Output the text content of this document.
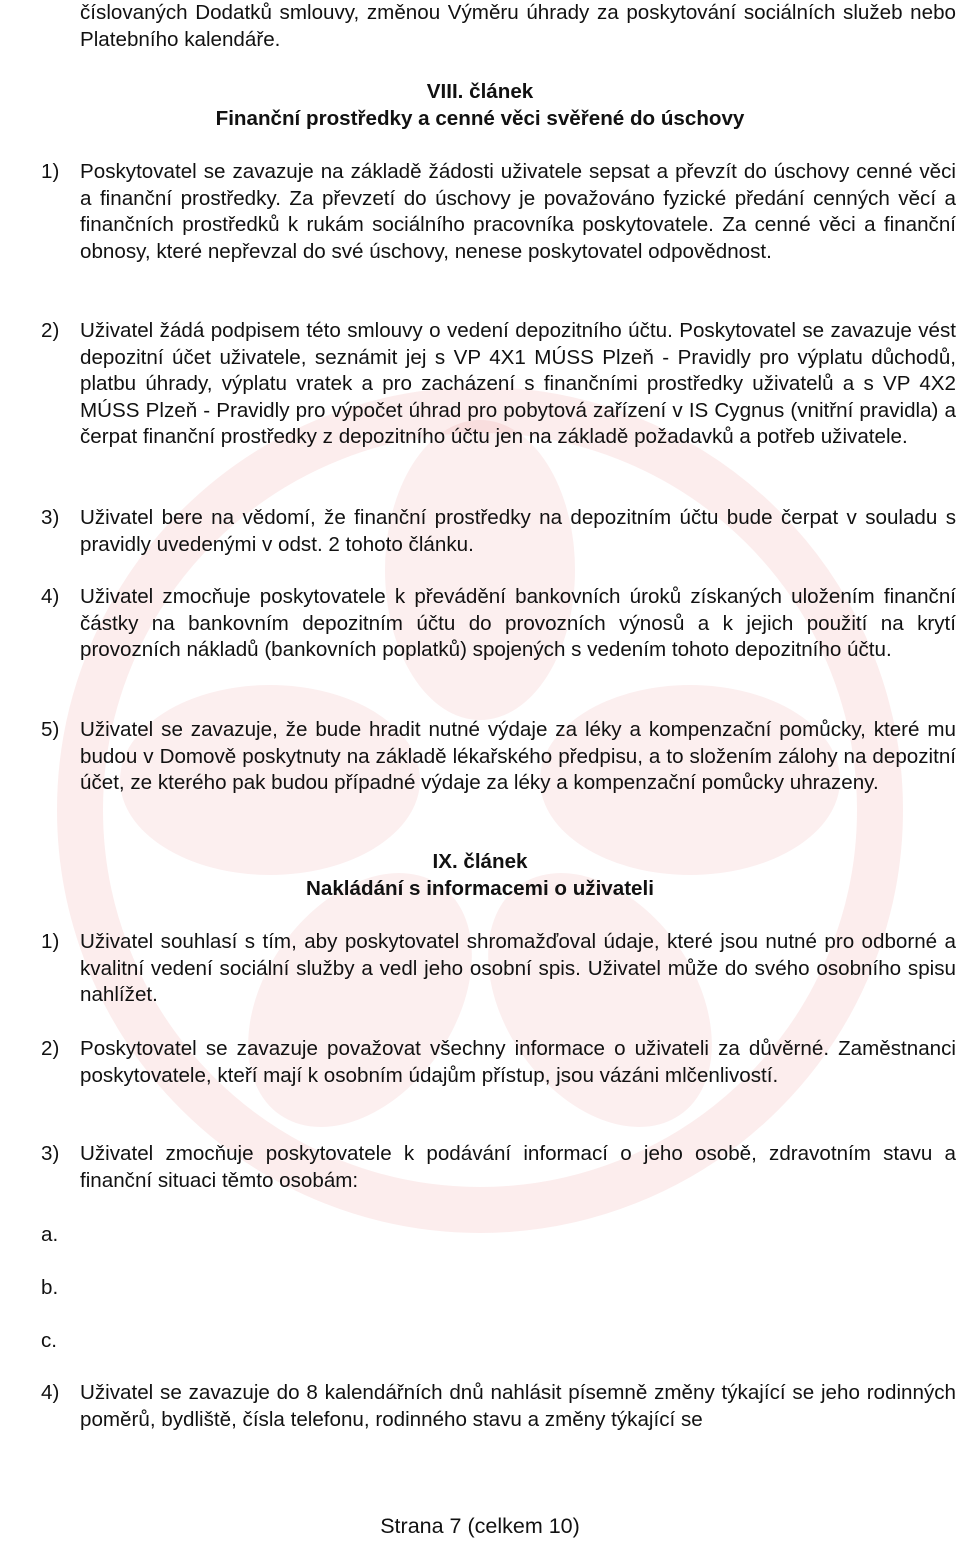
číslovaných Dodatků smlouvy, změnou Výměru úhrady za poskytování sociálních služeb nebo Platebního kalendáře.

VIII. článek

Finanční prostředky a cenné věci svěřené do úschovy

1) Poskytovatel se zavazuje na základě žádosti uživatele sepsat a převzít do úschovy cenné věci a finanční prostředky. Za převzetí do úschovy je považováno fyzické předání cenných věcí a finančních prostředků k rukám sociálního pracovníka poskytovatele. Za cenné věci a finanční obnosy, které nepřevzal do své úschovy, nenese poskytovatel odpovědnost.

2) Uživatel žádá podpisem této smlouvy o vedení depozitního účtu. Poskytovatel se zavazuje vést depozitní účet uživatele, seznámit jej s VP 4X1 MÚSS Plzeň - Pravidly pro výplatu důchodů, platbu úhrady, výplatu vratek a pro zacházení s finančními prostředky uživatelů a s VP 4X2 MÚSS Plzeň - Pravidly pro výpočet úhrad pro pobytová zařízení v IS Cygnus (vnitřní pravidla) a čerpat finanční prostředky z depozitního účtu jen na základě požadavků a potřeb uživatele.

3) Uživatel bere na vědomí, že finanční prostředky na depozitním účtu bude čerpat v souladu s pravidly uvedenými v odst. 2 tohoto článku.

4) Uživatel zmocňuje poskytovatele k převádění bankovních úroků získaných uložením finanční částky na bankovním depozitním účtu do provozních výnosů a k jejich použití na krytí provozních nákladů (bankovních poplatků) spojených s vedením tohoto depozitního účtu.

5) Uživatel se zavazuje, že bude hradit nutné výdaje za léky a kompenzační pomůcky, které mu budou v Domově poskytnuty na základě lékařského předpisu, a to složením zálohy na depozitní účet, ze kterého pak budou případné výdaje za léky a kompenzační pomůcky uhrazeny.

IX. článek

Nakládání s informacemi o uživateli

1) Uživatel souhlasí s tím, aby poskytovatel shromažďoval údaje, které jsou nutné pro odborné a kvalitní vedení sociální služby a vedl jeho osobní spis. Uživatel může do svého osobního spisu nahlížet.

2) Poskytovatel se zavazuje považovat všechny informace o uživateli za důvěrné. Zaměstnanci poskytovatele, kteří mají k osobním údajům přístup, jsou vázáni mlčenlivostí.

3) Uživatel zmocňuje poskytovatele k podávání informací o jeho osobě, zdravotním stavu a finanční situaci těmto osobám:

a.
b.
c.
4) Uživatel se zavazuje do 8 kalendářních dnů nahlásit písemně změny týkající se jeho rodinných poměrů, bydliště, čísla telefonu, rodinného stavu a změny týkající se

Strana 7 (celkem 10)
